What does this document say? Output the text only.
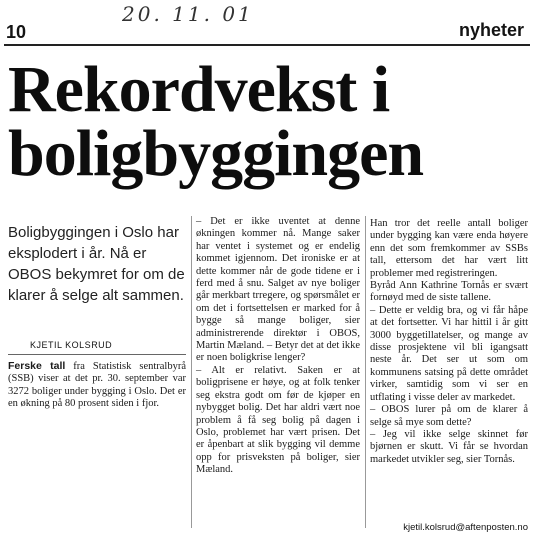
20. 11. 01
10	nyheter
Rekordvekst i
boligbyggingen
Boligbyggingen i Oslo har eksplodert i år. Nå er OBOS bekymret for om de klarer å selge alt sammen.
KJETIL KOLSRUD

Ferske tall fra Statistisk sentralbyrå (SSB) viser at det pr. 30. september var 3272 boliger under bygging i Oslo. Det er en økning på 80 prosent siden i fjor.

– Det er ikke uventet at denne økningen kommer nå. Mange saker har ventet i systemet og er endelig kommet igjennom. Det ironiske er at dette kommer når de gode tidene er i ferd med å snu. Salget av nye boliger går merkbart trregere, og spørsmålet er om det i fortsettelsen er marked for å bygge så mange boliger, sier administrerende direktør i OBOS, Martin Mæland. – Betyr det at det ikke er noen boligkrise lenger?

– Alt er relativt. Saken er at boligprisene er høye, og at folk tenker seg ekstra godt om før de kjøper en nybygget bolig. Det har aldri vært noe problem å få seg bolig på dagen i Oslo, problemet har vært prisen. Det er åpenbart at slik bygging vil demme opp for prisveksten på boliger, sier Mæland.

Han tror det reelle antall boliger under bygging kan være enda høyere enn det som fremkommer av SSBs tall, ettersom det har vært litt problemer med registreringen.

Byråd Ann Kathrine Tornås er svært fornøyd med de siste tallene.

– Dette er veldig bra, og vi får håpe at det fortsetter. Vi har hittil i år gitt 3000 byggetillatelser, og mange av disse prosjektene vil bli igangsatt neste år. Det ser ut som om kommunens satsing på dette området virker, samtidig som vi ser en utflating i visse deler av markedet.

– OBOS lurer på om de klarer å selge så mye som dette?

– Jeg vil ikke selge skinnet før bjørnen er skutt. Vi får se hvordan markedet utvikler seg, sier Tornås.

kjetil.kolsrud@aftenposten.no
